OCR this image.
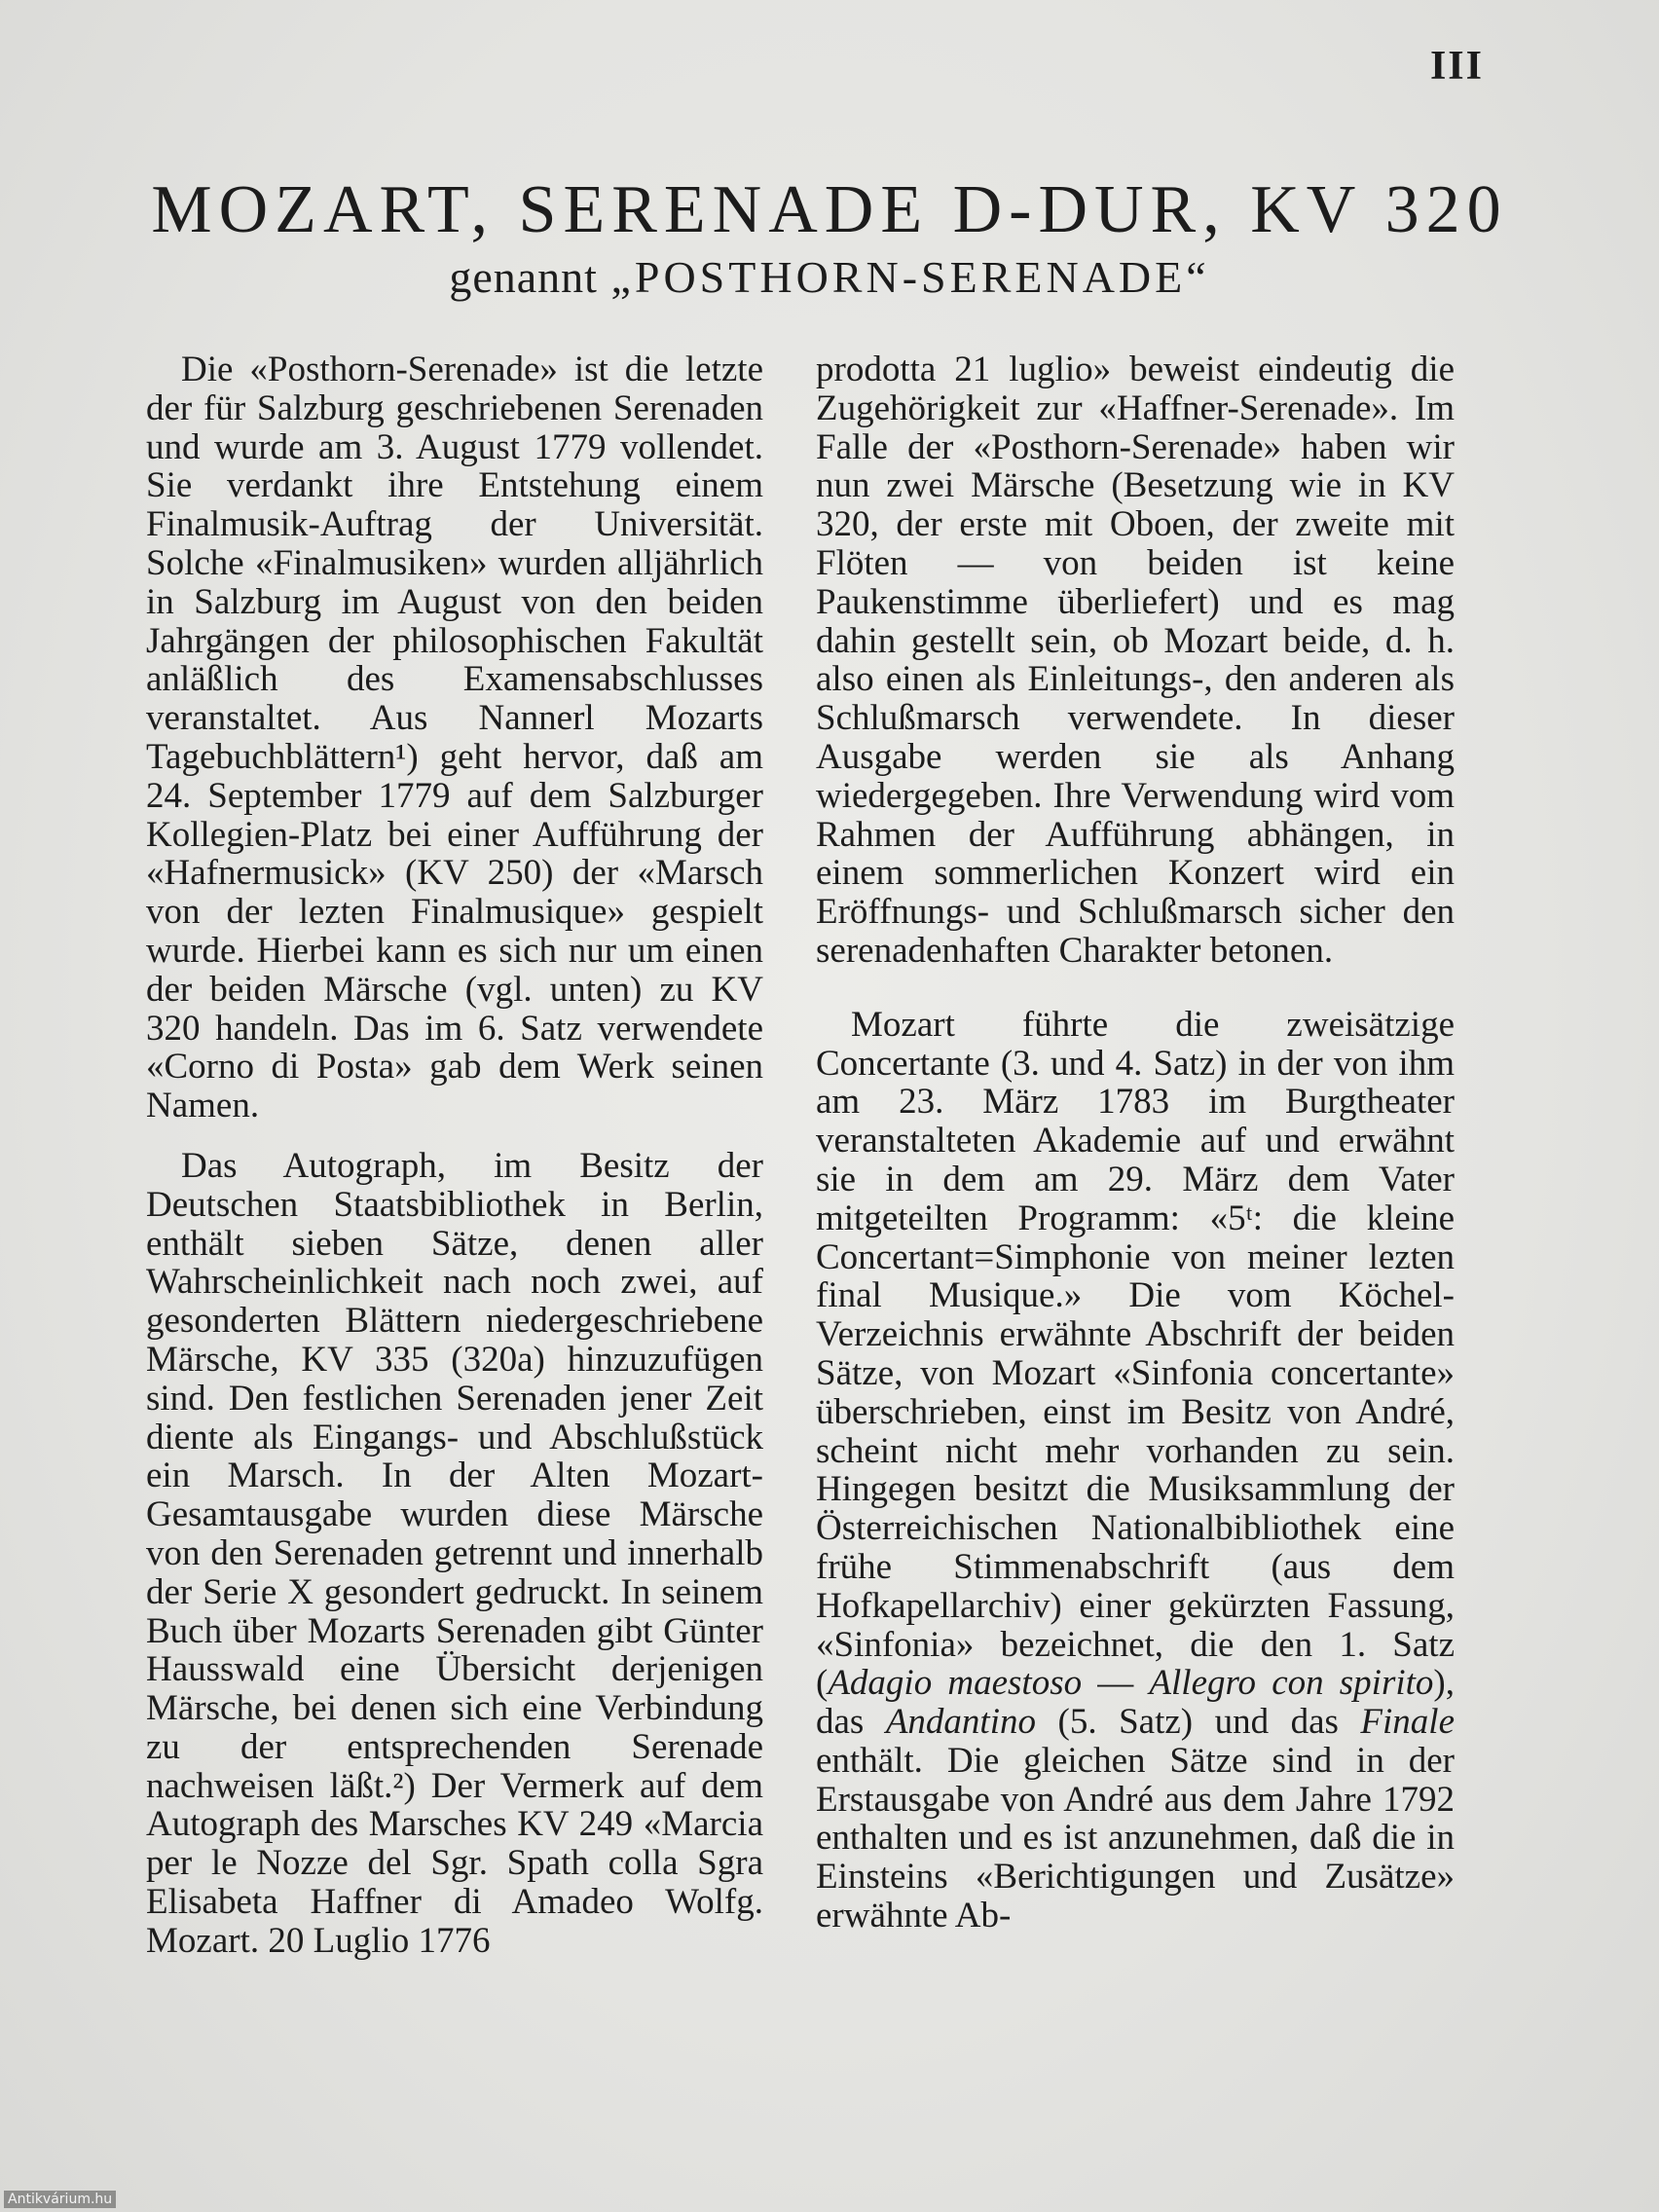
III
MOZART, SERENADE D-DUR, KV 320
genannt „POSTHORN-SERENADE“

Die «Posthorn-Serenade» ist die letzte der für Salzburg geschriebenen Serenaden und wurde am 3. August 1779 vollendet. Sie verdankt ihre Entstehung einem Finalmusik-Auftrag der Universität. Solche «Finalmusiken» wurden alljährlich in Salzburg im August von den beiden Jahrgängen der philosophischen Fakultät anläßlich des Examensabschlusses veranstaltet. Aus Nannerl Mozarts Tagebuchblättern¹) geht hervor, daß am 24. September 1779 auf dem Salzburger Kollegien-Platz bei einer Aufführung der «Hafnermusick» (KV 250) der «Marsch von der lezten Finalmusique» gespielt wurde. Hierbei kann es sich nur um einen der beiden Märsche (vgl. unten) zu KV 320 handeln. Das im 6. Satz verwendete «Corno di Posta» gab dem Werk seinen Namen.

Das Autograph, im Besitz der Deutschen Staatsbibliothek in Berlin, enthält sieben Sätze, denen aller Wahrscheinlichkeit nach noch zwei, auf gesonderten Blättern niedergeschriebene Märsche, KV 335 (320a) hinzuzufügen sind. Den festlichen Serenaden jener Zeit diente als Eingangs- und Abschlußstück ein Marsch. In der Alten Mozart-Gesamtausgabe wurden diese Märsche von den Serenaden getrennt und innerhalb der Serie X gesondert gedruckt. In seinem Buch über Mozarts Serenaden gibt Günter Hausswald eine Übersicht derjenigen Märsche, bei denen sich eine Verbindung zu der entsprechenden Serenade nachweisen läßt.²) Der Vermerk auf dem Autograph des Marsches KV 249 «Marcia per le Nozze del Sgr. Spath colla Sgra Elisabeta Haffner di Amadeo Wolfg. Mozart. 20 Luglio 1776

prodotta 21 luglio» beweist eindeutig die Zugehörigkeit zur «Haffner-Serenade». Im Falle der «Posthorn-Serenade» haben wir nun zwei Märsche (Besetzung wie in KV 320, der erste mit Oboen, der zweite mit Flöten — von beiden ist keine Paukenstimme überliefert) und es mag dahin gestellt sein, ob Mozart beide, d. h. also einen als Einleitungs-, den anderen als Schlußmarsch verwendete. In dieser Ausgabe werden sie als Anhang wiedergegeben. Ihre Verwendung wird vom Rahmen der Aufführung abhängen, in einem sommerlichen Konzert wird ein Eröffnungs- und Schlußmarsch sicher den serenadenhaften Charakter betonen.

Mozart führte die zweisätzige Concertante (3. und 4. Satz) in der von ihm am 23. März 1783 im Burgtheater veranstalteten Akademie auf und erwähnt sie in dem am 29. März dem Vater mitgeteilten Programm: «5ᵗ: die kleine Concertant=Simphonie von meiner lezten final Musique.» Die vom Köchel-Verzeichnis erwähnte Abschrift der beiden Sätze, von Mozart «Sinfonia concertante» überschrieben, einst im Besitz von André, scheint nicht mehr vorhanden zu sein. Hingegen besitzt die Musiksammlung der Österreichischen Nationalbibliothek eine frühe Stimmenabschrift (aus dem Hofkapellarchiv) einer gekürzten Fassung, «Sinfonia» bezeichnet, die den 1. Satz (Adagio maestoso — Allegro con spirito), das Andantino (5. Satz) und das Finale enthält. Die gleichen Sätze sind in der Erstausgabe von André aus dem Jahre 1792 enthalten und es ist anzunehmen, daß die in Einsteins «Berichtigungen und Zusätze» erwähnte Ab-

Antikvárium.hu
